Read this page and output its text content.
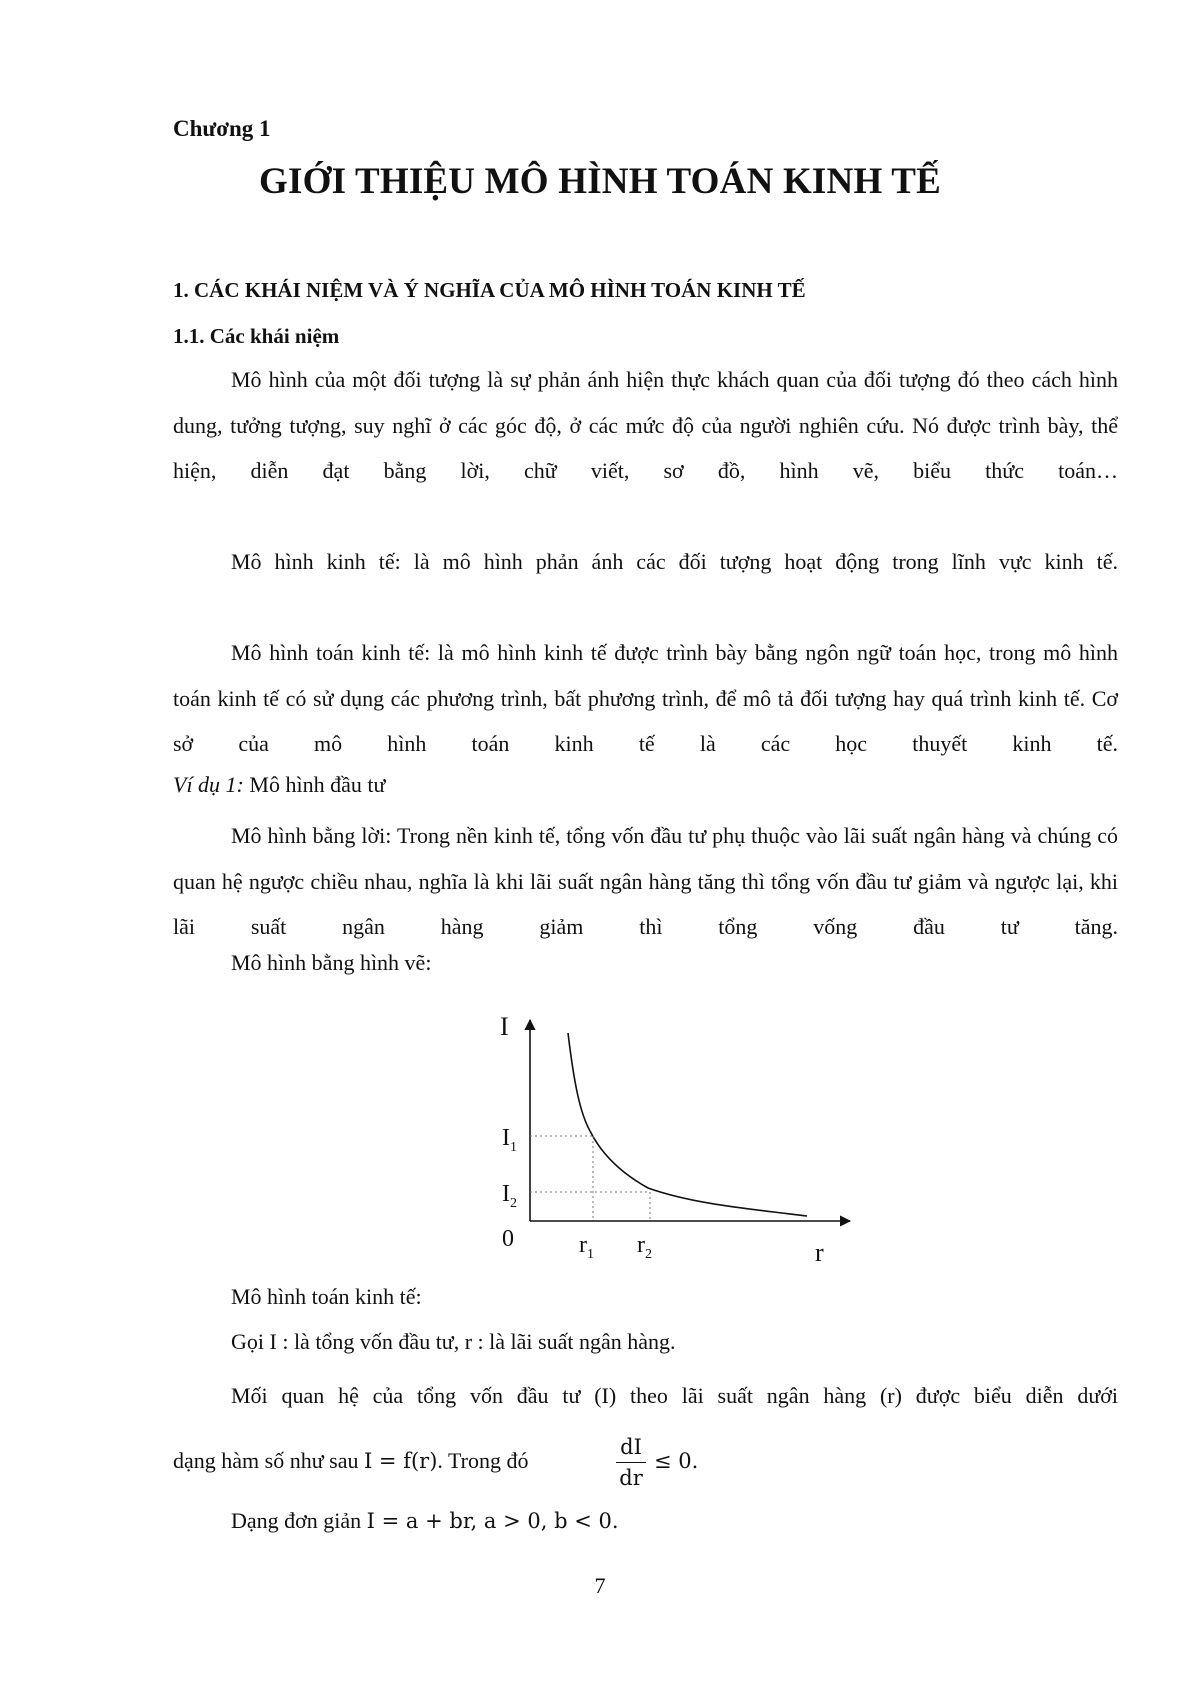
Chương 1
GIỚI THIỆU MÔ HÌNH TOÁN KINH TẾ
1. CÁC KHÁI NIỆM VÀ Ý NGHĨA CỦA MÔ HÌNH TOÁN KINH TẾ
1.1. Các khái niệm
Mô hình của một đối tượng là sự phản ánh hiện thực khách quan của đối tượng đó theo cách hình dung, tưởng tượng, suy nghĩ ở các góc độ, ở các mức độ của người nghiên cứu. Nó được trình bày, thể hiện, diễn đạt bằng lời, chữ viết, sơ đồ, hình vẽ, biểu thức toán…
Mô hình kinh tế: là mô hình phản ánh các đối tượng hoạt động trong lĩnh vực kinh tế.
Mô hình toán kinh tế: là mô hình kinh tế được trình bày bằng ngôn ngữ toán học, trong mô hình toán kinh tế có sử dụng các phương trình, bất phương trình, để mô tả đối tượng hay quá trình kinh tế. Cơ sở của mô hình toán kinh tế là các học thuyết kinh tế.
Ví dụ 1: Mô hình đầu tư
Mô hình bằng lời: Trong nền kinh tế, tổng vốn đầu tư phụ thuộc vào lãi suất ngân hàng và chúng có quan hệ ngược chiều nhau, nghĩa là khi lãi suất ngân hàng tăng thì tổng vốn đầu tư giảm và ngược lại, khi lãi suất ngân hàng giảm thì tổng vống đầu tư tăng.
Mô hình bằng hình vẽ:
I
$I_1$
$I_2$
0	$r_1$ $r_2$	r
Mô hình toán kinh tế:
Gọi I : là tổng vốn đầu tư, r : là lãi suất ngân hàng.
Mối quan hệ của tổng vốn đầu tư (I) theo lãi suất ngân hàng (r) được biểu diễn dưới
dạng hàm số như sau I = f(r). Trong đó
dI
dr
≤ 0.
Dạng đơn giản I = a + br, a > 0, b < 0.
7
